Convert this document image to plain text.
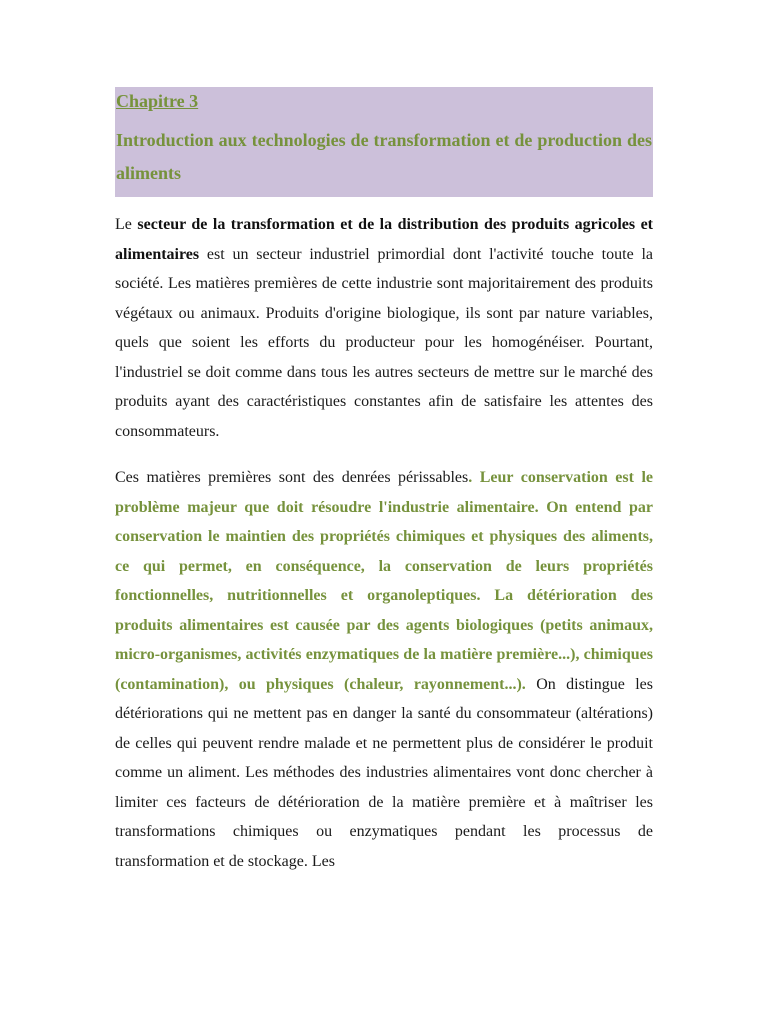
Chapitre 3

Introduction aux technologies de transformation et de production des aliments

Le secteur de la transformation et de la distribution des produits agricoles et alimentaires est un secteur industriel primordial dont l'activité touche toute la société. Les matières premières de cette industrie sont majoritairement des produits végétaux ou animaux. Produits d'origine biologique, ils sont par nature variables, quels que soient les efforts du producteur pour les homogénéiser. Pourtant, l'industriel se doit comme dans tous les autres secteurs de mettre sur le marché des produits ayant des caractéristiques constantes afin de satisfaire les attentes des consommateurs.

Ces matières premières sont des denrées périssables. Leur conservation est le problème majeur que doit résoudre l'industrie alimentaire. On entend par conservation le maintien des propriétés chimiques et physiques des aliments, ce qui permet, en conséquence, la conservation de leurs propriétés fonctionnelles, nutritionnelles et organoleptiques. La détérioration des produits alimentaires est causée par des agents biologiques (petits animaux, micro-organismes, activités enzymatiques de la matière première...), chimiques (contamination), ou physiques (chaleur, rayonnement...). On distingue les détériorations qui ne mettent pas en danger la santé du consommateur (altérations) de celles qui peuvent rendre malade et ne permettent plus de considérer le produit comme un aliment. Les méthodes des industries alimentaires vont donc chercher à limiter ces facteurs de détérioration de la matière première et à maîtriser les transformations chimiques ou enzymatiques pendant les processus de transformation et de stockage. Les
